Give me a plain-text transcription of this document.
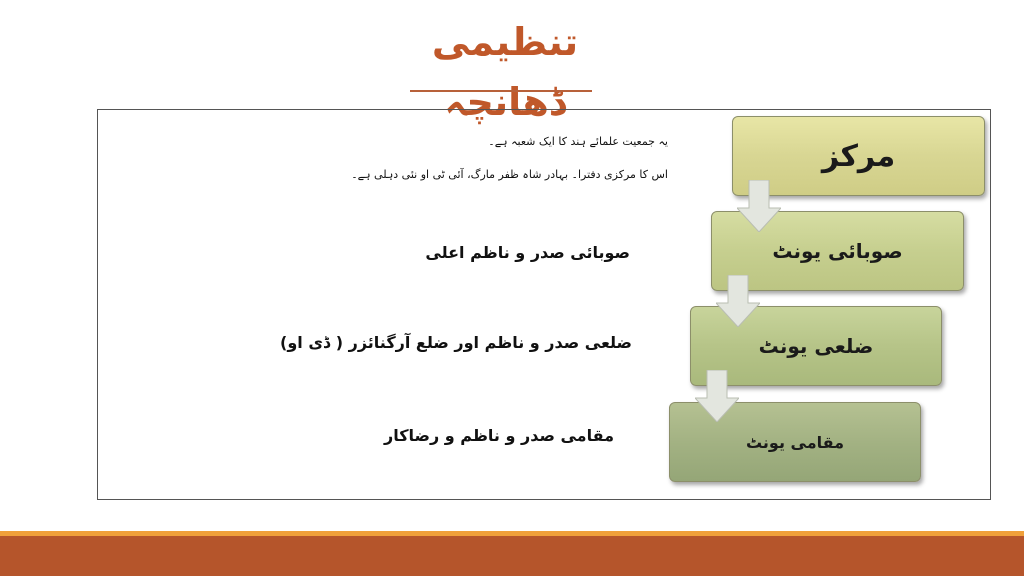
تنظیمی ڈھانچہ
یہ جمعیت علمائے ہند کا ایک شعبہ ہے۔
اس کا مرکزی دفترا۔ بہادر شاہ ظفر مارگ، آئی ٹی او نئی دہلی ہے۔
صوبائی صدر و ناظم اعلی
ضلعی صدر و ناظم اور ضلع آرگنائزر ( ڈی او)
مقامی صدر و ناظم و رضاکار
مرکز
صوبائی یونٹ
ضلعی یونٹ
مقامی یونٹ
